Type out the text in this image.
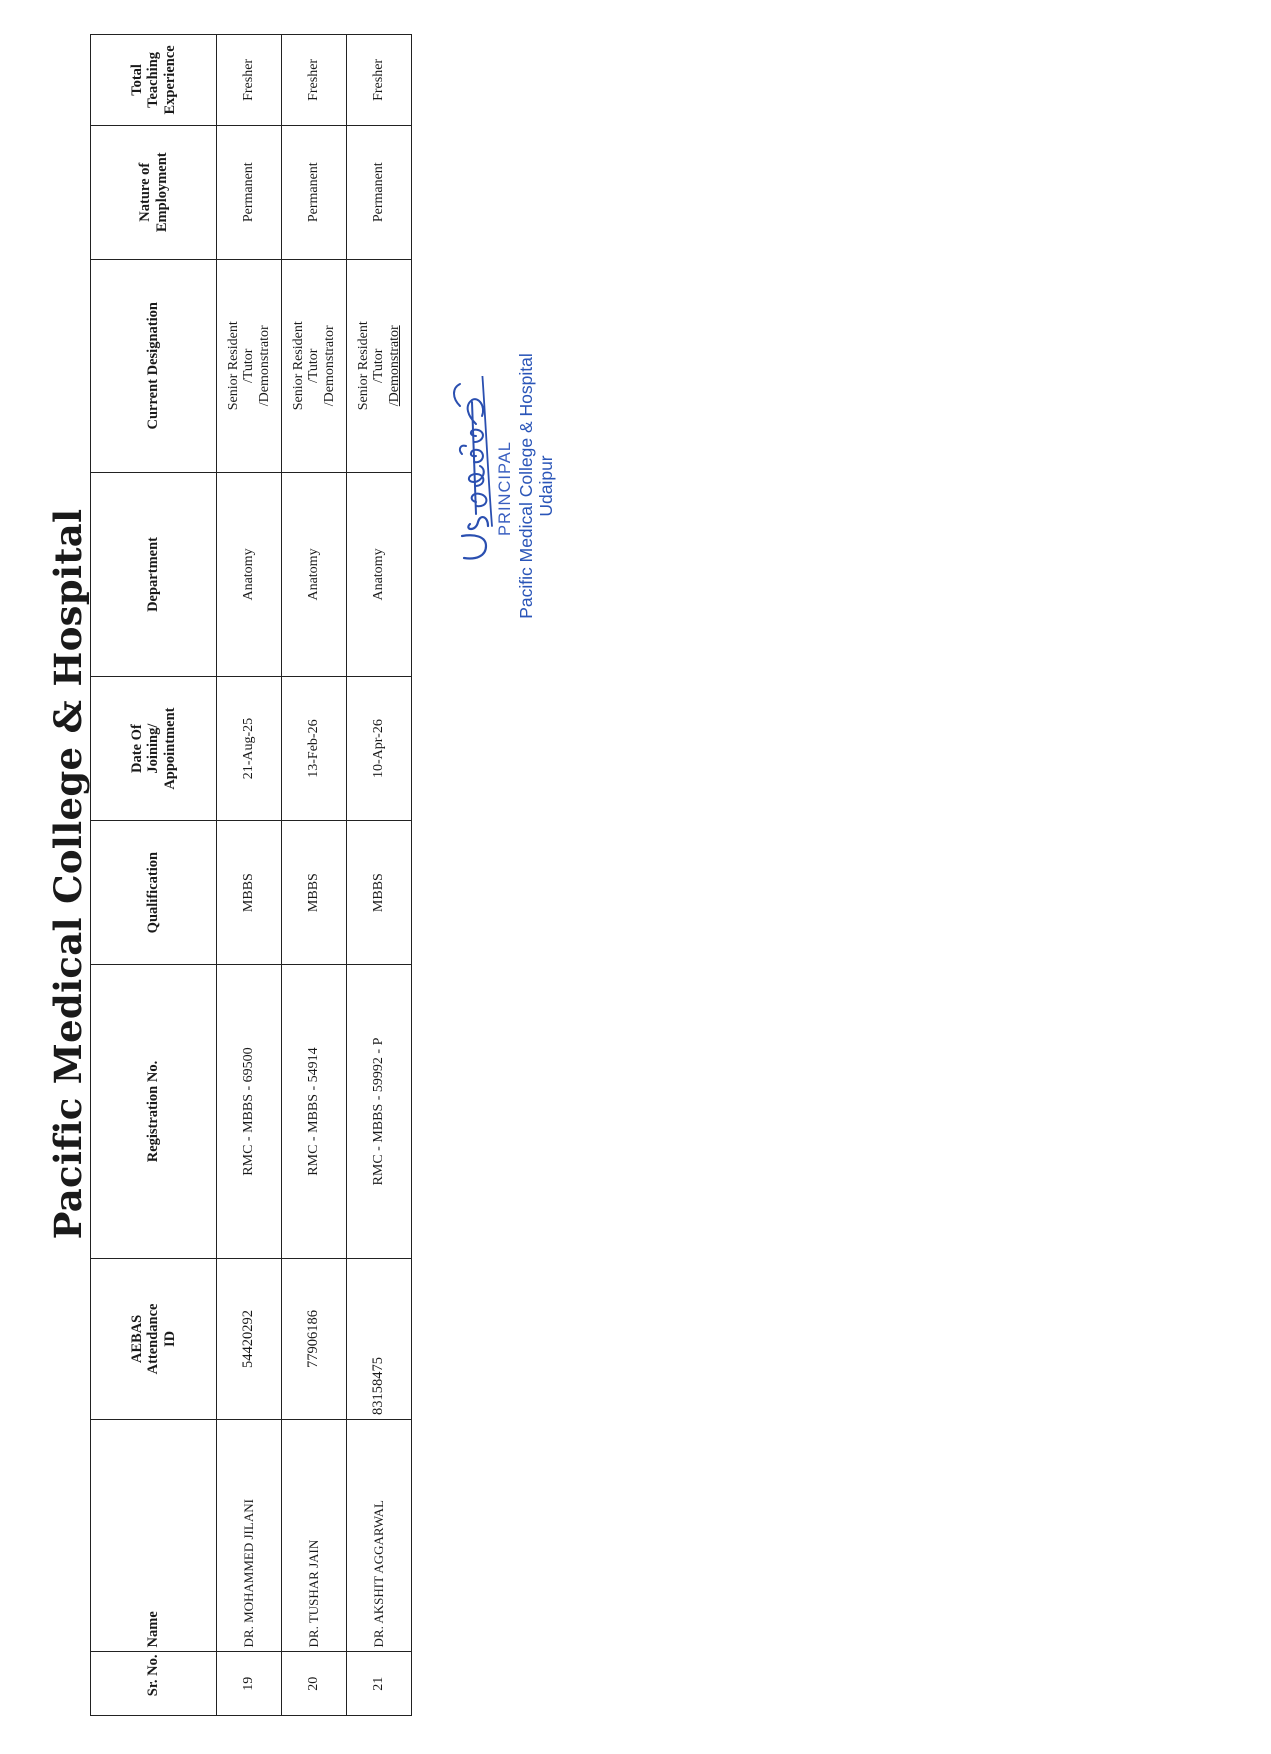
Pacific Medical College & Hospital
Sr. No.	Name	AEBAS
Attendance
ID	Registration No.	Qualification	Date Of
Joining/
Appointment	Department	Current Designation	Nature of
Employment	Total
Teaching
Experience
19	DR. MOHAMMED JILANI	54420292	RMC - MBBS - 69500	MBBS	21-Aug-25	Anatomy	Senior Resident
/Tutor
/Demonstrator	Permanent	Fresher
20	DR. TUSHAR JAIN	77906186	RMC - MBBS - 54914	MBBS	13-Feb-26	Anatomy	Senior Resident
/Tutor
/Demonstrator	Permanent	Fresher
21	DR. AKSHIT AGGARWAL	83158475	RMC - MBBS - 59992 - P	MBBS	10-Apr-26	Anatomy	Senior Resident
/Tutor
/Demonstrator	Permanent	Fresher
PRINCIPAL Pacific Medical College & Hospital Udaipur
